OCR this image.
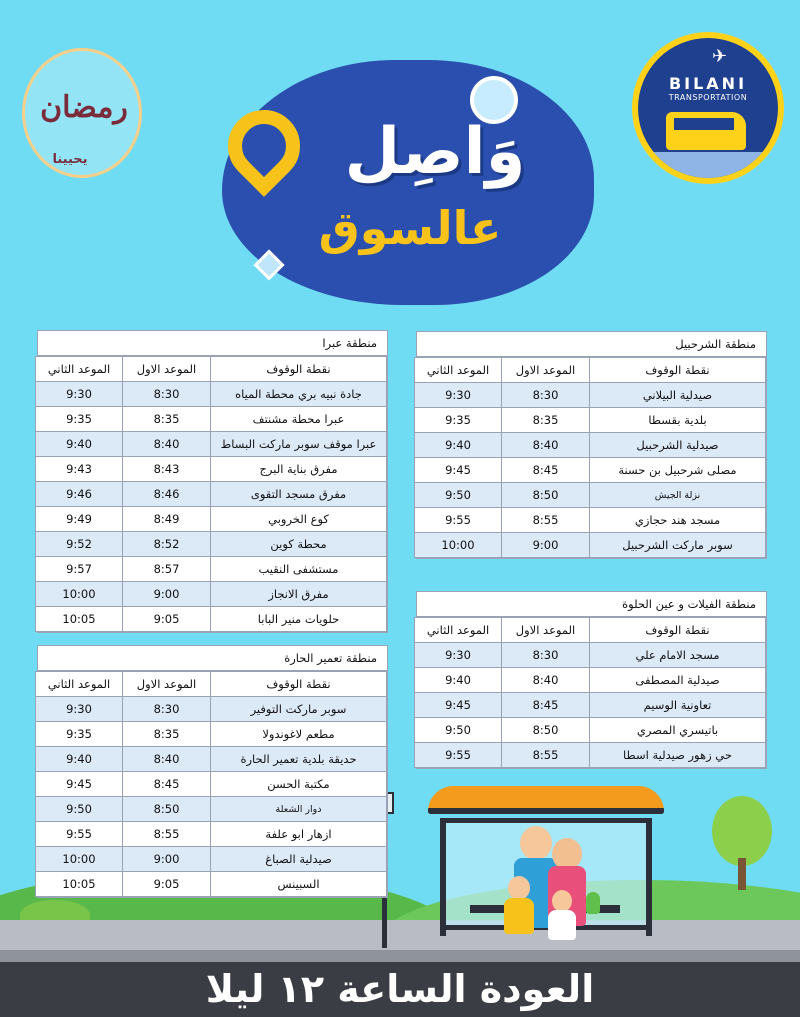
رمضان
يحيينا	وَاصِل
عالسوق
✈
BILANI
TRANSPORTATION
منطقة عبرا
نقطة الوقوف	الموعد الاول	الموعد الثاني
جادة نبيه بري محطة المياه	8:30	9:30
عبرا محطة مشنتف	8:35	9:35
عبرا موقف سوبر ماركت البساط	8:40	9:40
مفرق بناية البرج	8:43	9:43
مفرق مسجد التقوى	8:46	9:46
كوع الخروبي	8:49	9:49
محطة كوين	8:52	9:52
مستشفى النقيب	8:57	9:57
مفرق الانجاز	9:00	10:00
حلويات منير البابا	9:05	10:05
منطقة الشرحبيل
نقطة الوقوف	الموعد الاول	الموعد الثاني
صيدلية البيلاني	8:30	9:30
بلدية بقسطا	8:35	9:35
صيدلية الشرحبيل	8:40	9:40
مصلى شرحبيل بن حسنة	8:45	9:45
نزلة الجيش	8:50	9:50
مسجد هند حجازي	8:55	9:55
سوبر ماركت الشرحبيل	9:00	10:00
منطقة الفيلات و عين الحلوة
نقطة الوقوف	الموعد الاول	الموعد الثاني
مسجد الامام علي	8:30	9:30
صيدلية المصطفى	8:40	9:40
تعاونية الوسيم	8:45	9:45
باتيسري المصري	8:50	9:50
حي زهور صيدلية اسطا	8:55	9:55
منطقة تعمير الحارة
نقطة الوقوف	الموعد الاول	الموعد الثاني
سوبر ماركت التوفير	8:30	9:30
مطعم لاغوندولا	8:35	9:35
حديقة بلدية تعمير الحارة	8:40	9:40
مكتبة الحسن	8:45	9:45
دوار الشعلة	8:50	9:50
ازهار ابو علفة	8:55	9:55
صيدلية الصباغ	9:00	10:00
السبينس	9:05	10:05
العودة الساعة ١٢ ليلا
